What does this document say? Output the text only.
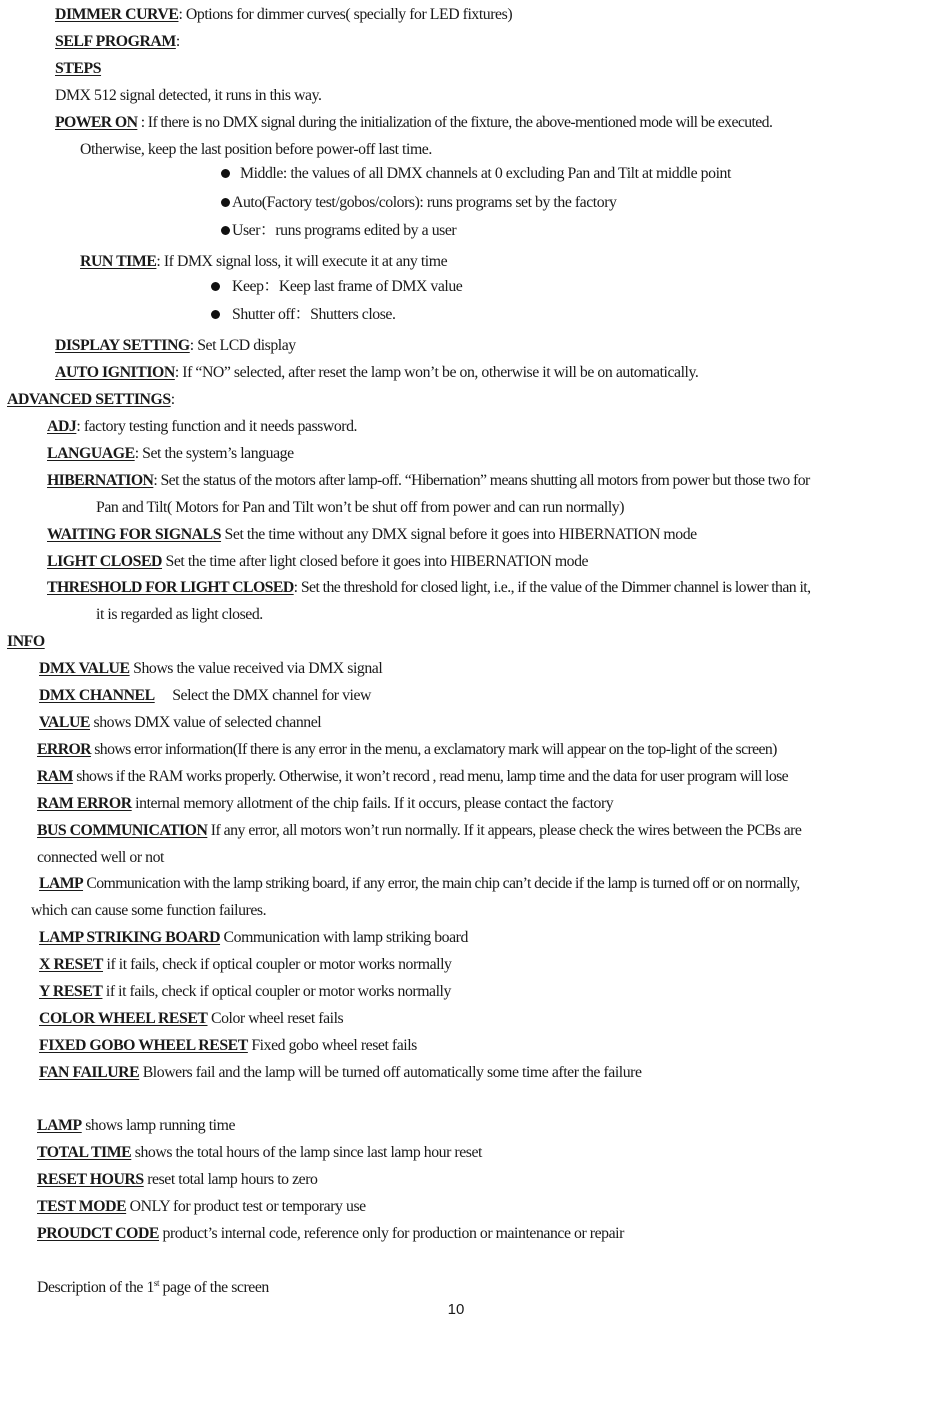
DIMMER CURVE: Options for dimmer curves( specially for LED fixtures)
SELF PROGRAM:
STEPS
DMX 512 signal detected, it runs in this way.
POWER ON : If there is no DMX signal during the initialization of the fixture, the above-mentioned mode will be executed.
Otherwise, keep the last position before power-off last time.
Middle: the values of all DMX channels at 0 excluding Pan and Tilt at middle point
Auto(Factory test/gobos/colors): runs programs set by the factory
User：runs programs edited by a user
RUN TIME: If DMX signal loss, it will execute it at any time
Keep：Keep last frame of DMX value
Shutter off：Shutters close.
DISPLAY SETTING: Set LCD display
AUTO IGNITION: If “NO” selected, after reset the lamp won’t be on, otherwise it will be on automatically.
ADVANCED SETTINGS:
ADJ: factory testing function and it needs password.
LANGUAGE: Set the system’s language
HIBERNATION: Set the status of the motors after lamp-off. “Hibernation” means shutting all motors from power but those two for
Pan and Tilt( Motors for Pan and Tilt won’t be shut off from power and can run normally)
WAITING FOR SIGNALS Set the time without any DMX signal before it goes into HIBERNATION mode
LIGHT CLOSED Set the time after light closed before it goes into HIBERNATION mode
THRESHOLD FOR LIGHT CLOSED: Set the threshold for closed light, i.e., if the value of the Dimmer channel is lower than it,
it is regarded as light closed.
INFO
DMX VALUE Shows the value received via DMX signal
DMX CHANNEL     Select the DMX channel for view
VALUE shows DMX value of selected channel
ERROR shows error information(If there is any error in the menu, a exclamatory mark will appear on the top-light of the screen)
RAM shows if the RAM works properly. Otherwise, it won’t record , read menu, lamp time and the data for user program will lose
RAM ERROR internal memory allotment of the chip fails. If it occurs, please contact the factory
BUS COMMUNICATION If any error, all motors won’t run normally. If it appears, please check the wires between the PCBs are
connected well or not
LAMP Communication with the lamp striking board, if any error, the main chip can’t decide if the lamp is turned off or on normally,
which can cause some function failures.
LAMP STRIKING BOARD Communication with lamp striking board
X RESET if it fails, check if optical coupler or motor works normally
Y RESET if it fails, check if optical coupler or motor works normally
COLOR WHEEL RESET Color wheel reset fails
FIXED GOBO WHEEL RESET Fixed gobo wheel reset fails
FAN FAILURE Blowers fail and the lamp will be turned off automatically some time after the failure
LAMP shows lamp running time
TOTAL TIME shows the total hours of the lamp since last lamp hour reset
RESET HOURS reset total lamp hours to zero
TEST MODE ONLY for product test or temporary use
PROUDCT CODE product’s internal code, reference only for production or maintenance or repair
Description of the 1st page of the screen
10
